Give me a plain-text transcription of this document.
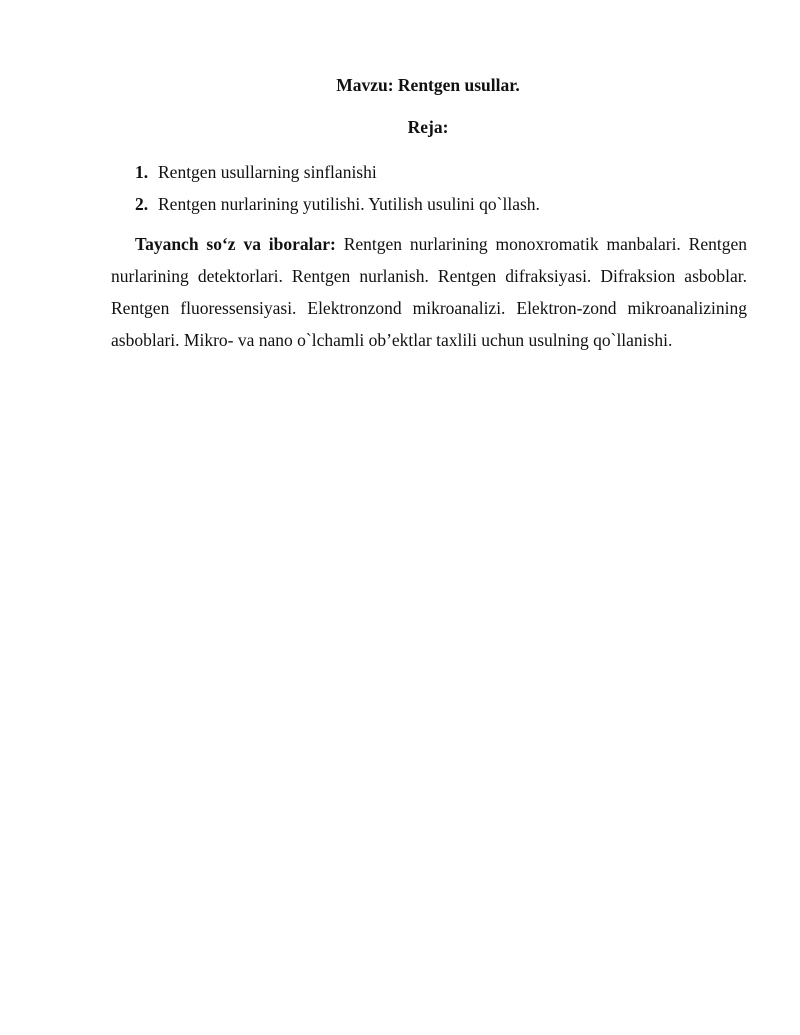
Mavzu: Rentgen usullar.

Reja:

1. Rentgen usullarning sinflanishi
2. Rentgen nurlarining yutilishi. Yutilish usulini qo`llash.

Tayanch so‘z va iboralar: Rentgen nurlarining monoxromatik manbalari. Rentgen nurlarining detektorlari. Rentgen nurlanish. Rentgen difraksiyasi. Difraksion asboblar. Rentgen fluoressensiyasi. Elektronzond mikroanalizi. Elektron-zond mikroanalizining asboblari. Mikro- va nano o`lchamli ob’ektlar taxlili uchun usulning qo`llanishi.
